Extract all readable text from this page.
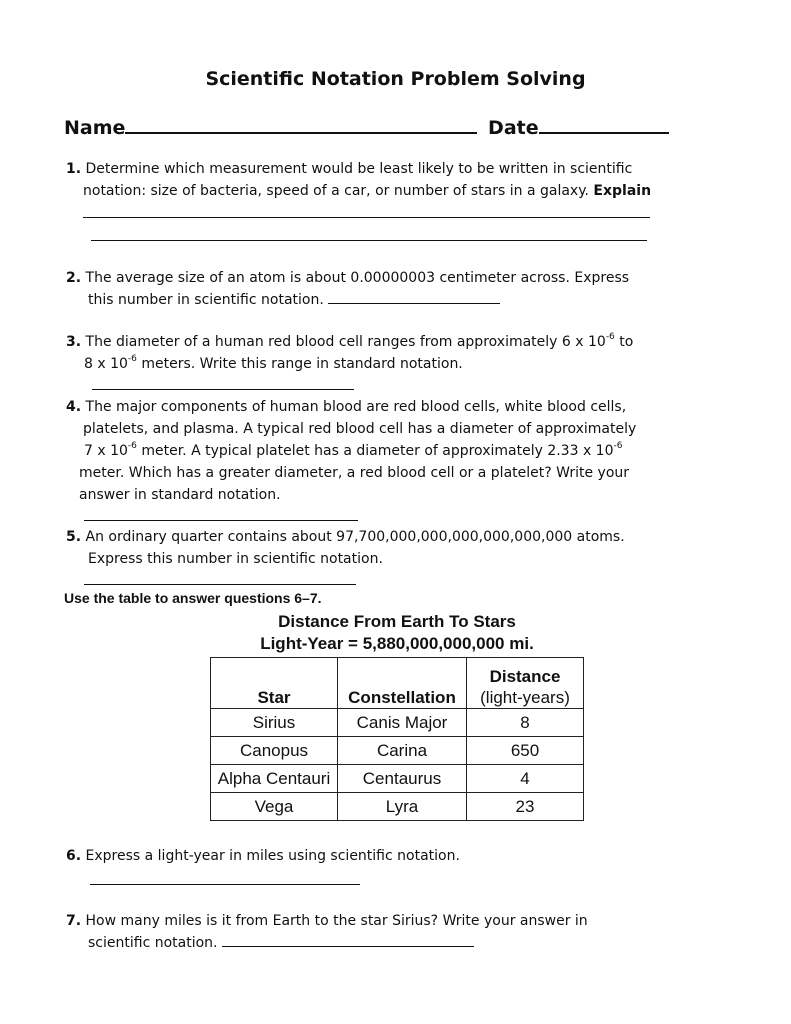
Scientific Notation Problem Solving
Name	Date
1. Determine which measurement would be least likely to be written in scientific
notation: size of bacteria, speed of a car, or number of stars in a galaxy. Explain
2. The average size of an atom is about 0.00000003 centimeter across. Express
this number in scientific notation.
3. The diameter of a human red blood cell ranges from approximately 6 x $10^{-6}$ to
8 x $10^{-6}$ meters. Write this range in standard notation.
4. The major components of human blood are red blood cells, white blood cells,
platelets, and plasma. A typical red blood cell has a diameter of approximately
7 x $10^{-6}$ meter. A typical platelet has a diameter of approximately 2.33 x $10^{-6}$
meter. Which has a greater diameter, a red blood cell or a platelet? Write your
answer in standard notation.
5. An ordinary quarter contains about 97,700,000,000,000,000,000,000 atoms.
Express this number in scientific notation.
Use the table to answer questions 6–7.
Distance From Earth To Stars
Light-Year = 5,880,000,000,000 mi.
Star	Constellation	Distance
(light-years)

Sirius	Canis Major	8
Canopus	Carina	650
Alpha Centauri	Centaurus	4
Vega	Lyra	23
6. Express a light-year in miles using scientific notation.
7. How many miles is it from Earth to the star Sirius? Write your answer in
scientific notation.
